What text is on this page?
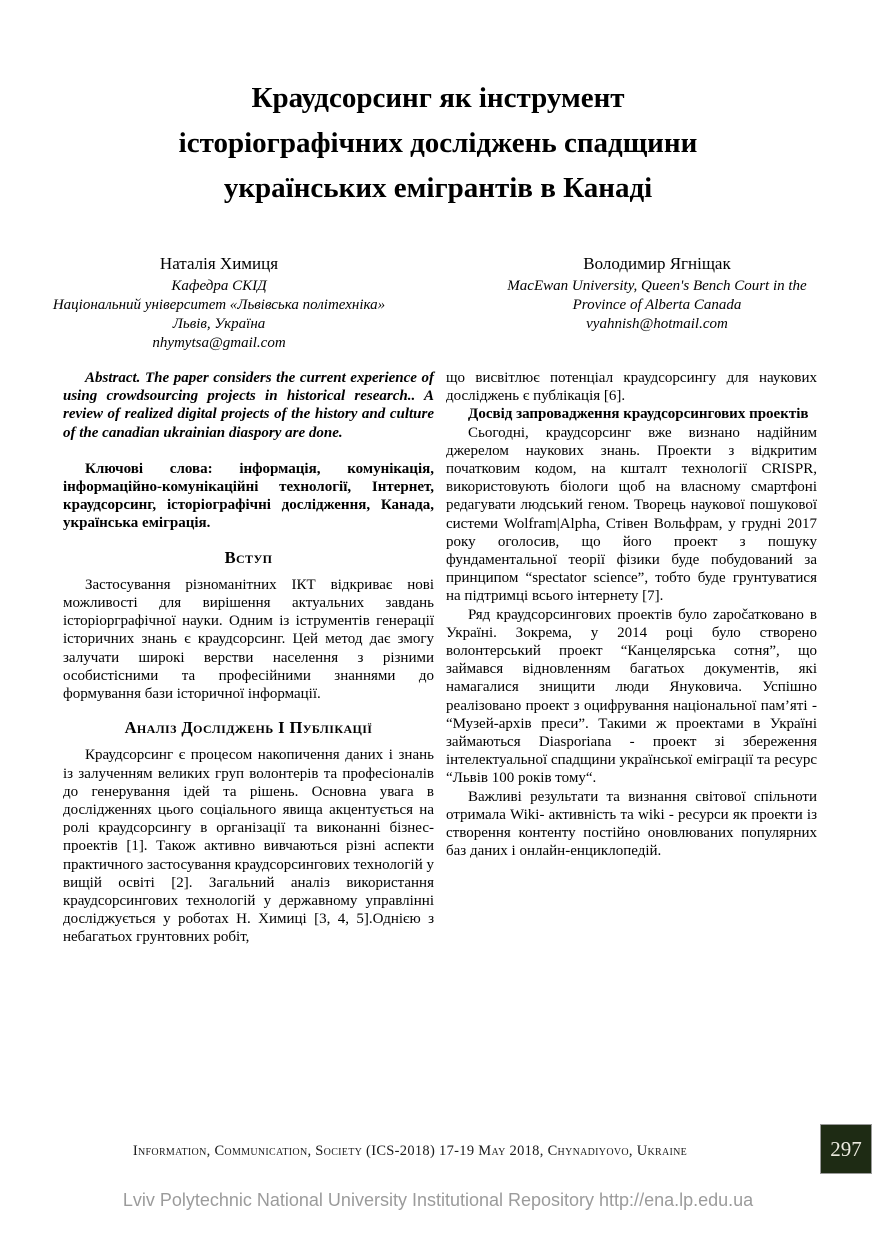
Краудсорсинг як інструмент
історіографічних досліджень спадщини
українських емігрантів в Канаді
Наталія Химиця
Кафедра СКІД
Національний університет «Львівська політехніка»
Львів, Україна
nhymytsa@gmail.com
Володимир Ягніщак
MacEwan University, Queen's Bench Court in the
Province of Alberta Canada
vyahnish@hotmail.com

Abstract. The paper considers the current experience of using crowdsourcing projects in historical research.. A review of realized digital projects of the history and culture of the canadian ukrainian diaspory are done.

Ключові слова: інформація, комунікація, інформаційно-комунікаційні технології, Інтернет, краудсорсинг, історіографічні дослідження, Канада, українська еміграція.

Вступ

Застосування різноманітних ІКТ відкриває нові можливості для вирішення актуальних завдань історіорграфічної науки. Одним із іструментів генерації історичних знань є краудсорсинг. Цей метод дає змогу залучати широкі верстви населення з різними особистісними та професійними знаннями до формування бази історичної інформації.

Аналіз Досліджень І Публікації

Краудсорсинг є процесом накопичення даних і знань із залученням великих груп волонтерів та професіоналів до генерування ідей та рішень. Основна увага в дослідженнях цього соціального явища акцентується на ролі краудсорсингу в організації та виконанні бізнес-проектів [1]. Також активно вивчаються різні аспекти практичного застосування краудсорсингових технологій у вищій освіті [2]. Загальний аналіз використання краудсорсингових технологій у державному управлінні досліджується у роботах Н. Химиці [3, 4, 5].Однією з небагатьох грунтовних робіт,

що висвітлює потенціал краудсорсингу для наукових досліджень є публікація [6].

Досвід запровадження краудсорсингових проектів

Сьогодні, краудсорсинг вже визнано надійним джерелом наукових знань. Проекти з відкритим початковим кодом, на кшталт технології CRISPR, використовують біологи щоб на власному смартфоні редагувати людський геном. Творець наукової пошукової системи Wolfram|Alpha, Стівен Вольфрам, у грудні 2017 року оголосив, що його проект з пошуку фундаментальної теорії фізики буде побудований за принципом “spectator science”, тобто буде грунтуватися на підтримці всього інтернету [7].

Ряд краудсорсингових проектів було započатковано в Україні. Зокрема, у 2014 році було створено волонтерський проект “Канцелярська сотня”, що займався відновленням багатьох документів, які намагалися знищити люди Януковича. Успішно реалізовано проект з оцифрування національної пам’яті - “Музей-архів преси”. Такими ж проектами в Україні займаються Diasporiana - проект зі збереження інтелектуальної спадщини української еміграції та ресурс “Львів 100 років тому“.

Важливі результати та визнання світової спільноти отримала Wiki- активність та wiki - ресурси як проекти із створення контенту постійно оновлюваних популярних баз даних і онлайн-енциклопедій.

Information, Communication, Society (ICS-2018) 17-19 May 2018, Chynadiyovo, Ukraine	297
Lviv Polytechnic National University Institutional Repository http://ena.lp.edu.ua
